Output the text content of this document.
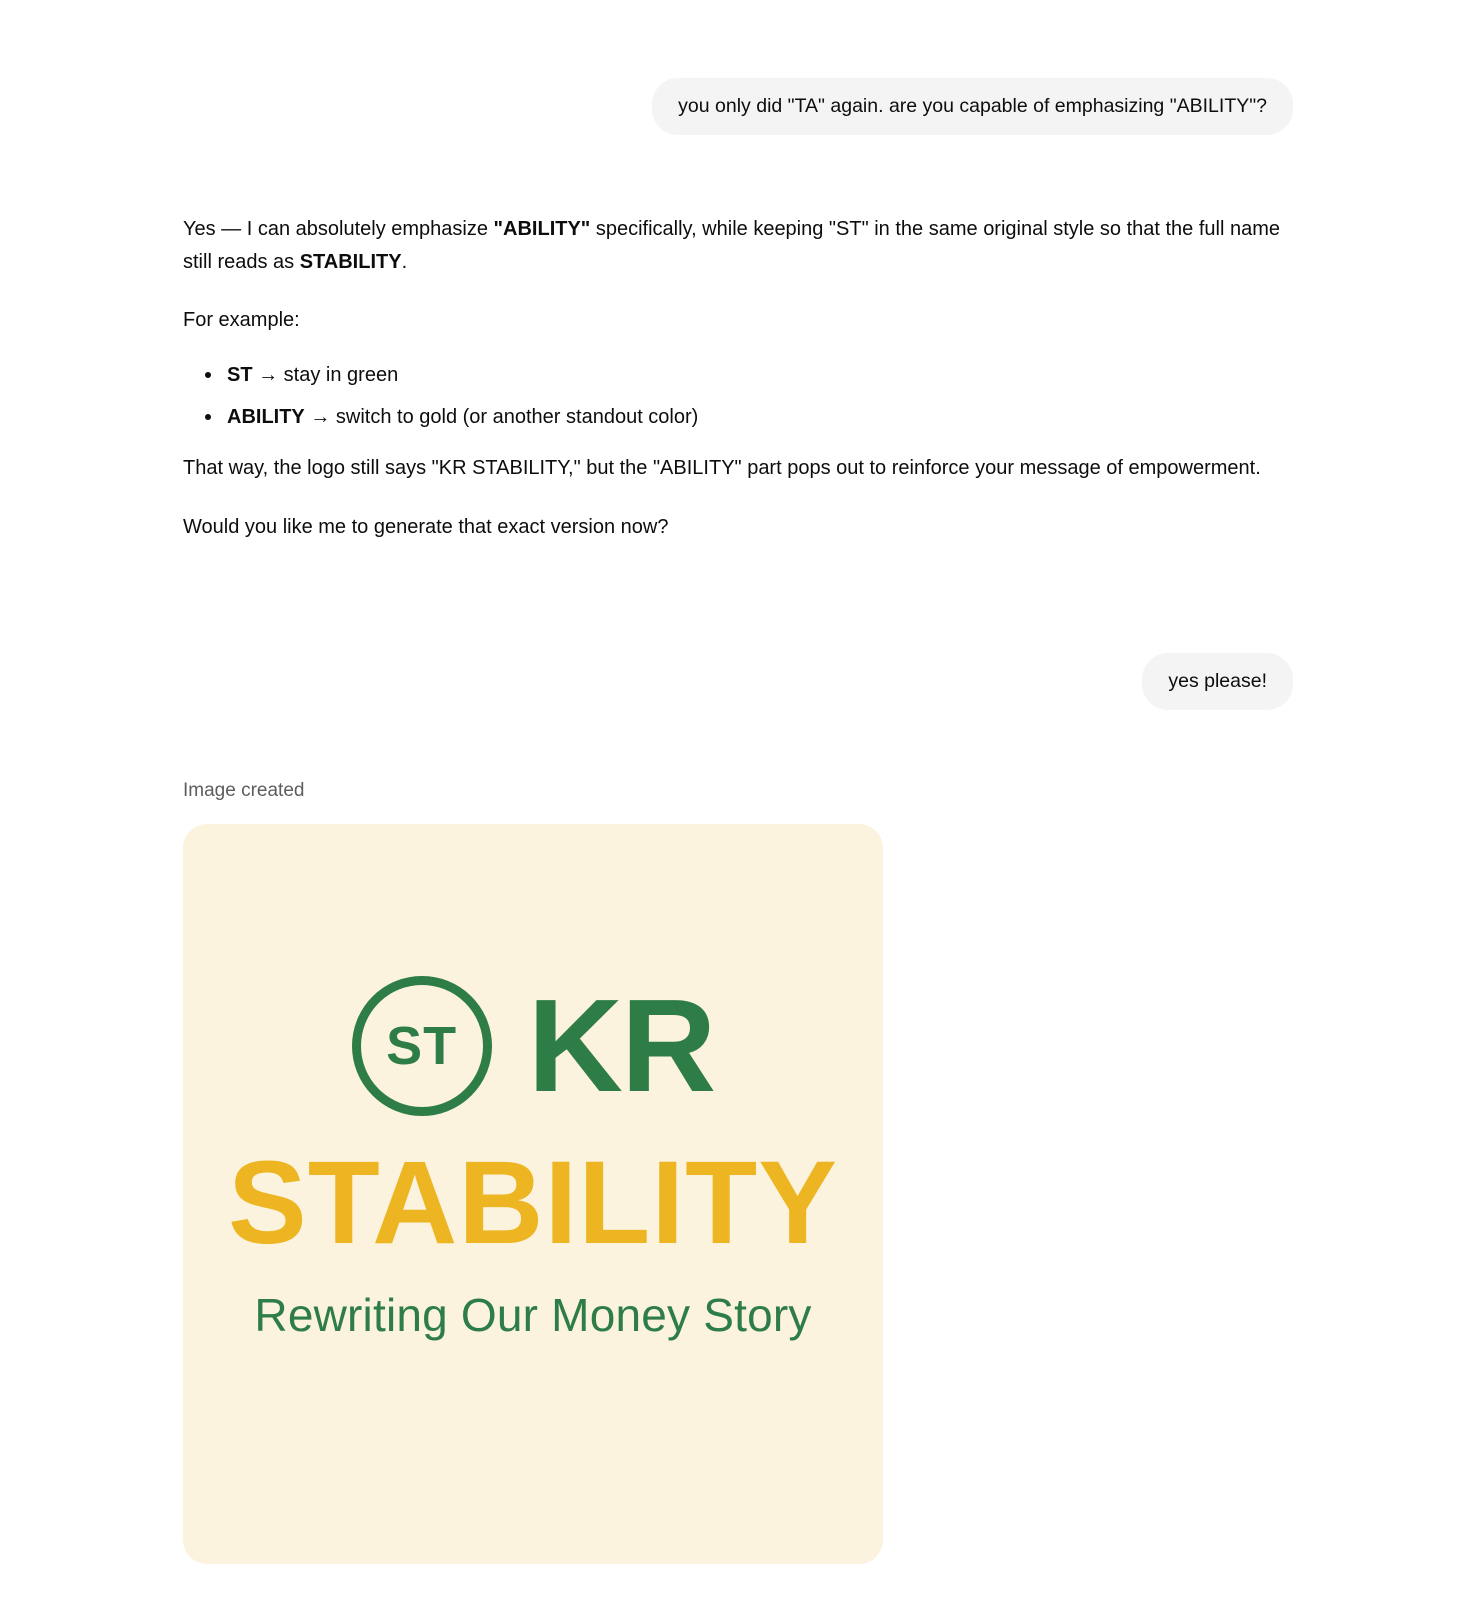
you only did "TA" again. are you capable of emphasizing "ABILITY"?

Yes — I can absolutely emphasize "ABILITY" specifically, while keeping "ST" in the same original style so that the full name still reads as STABILITY.

For example:

ST → stay in green
ABILITY → switch to gold (or another standout color)

That way, the logo still says "KR STABILITY," but the "ABILITY" part pops out to reinforce your message of empowerment.

Would you like me to generate that exact version now?

yes please!
Image created
ST KR
STABILITY
Rewriting Our Money Story
